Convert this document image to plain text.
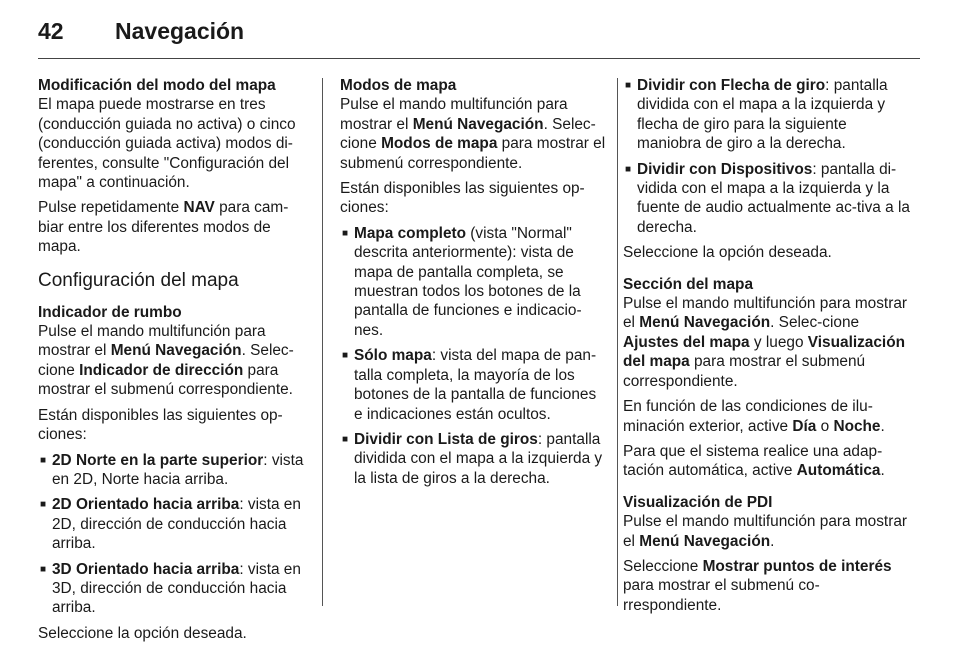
42 Navegación
Modificación del modo del mapa

El mapa puede mostrarse en tres (conducción guiada no activa) o cinco (conducción guiada activa) modos di-ferentes, consulte "Configuración del mapa" a continuación.

Pulse repetidamente NAV para cam-biar entre los diferentes modos de mapa.

Configuración del mapa
Indicador de rumbo

Pulse el mando multifunción para mostrar el Menú Navegación. Selec-cione Indicador de dirección para mostrar el submenú correspondiente.

Están disponibles las siguientes op-ciones:

■ 2D Norte en la parte superior: vista en 2D, Norte hacia arriba.
■ 2D Orientado hacia arriba: vista en 2D, dirección de conducción hacia arriba.
■ 3D Orientado hacia arriba: vista en 3D, dirección de conducción hacia arriba.

Seleccione la opción deseada.

Modos de mapa

Pulse el mando multifunción para mostrar el Menú Navegación. Selec-cione Modos de mapa para mostrar el submenú correspondiente.

Están disponibles las siguientes op-ciones:

■ Mapa completo (vista "Normal" descrita anteriormente): vista de mapa de pantalla completa, se muestran todos los botones de la pantalla de funciones e indicacio-nes.
■ Sólo mapa: vista del mapa de pan-talla completa, la mayoría de los botones de la pantalla de funciones e indicaciones están ocultos.
■ Dividir con Lista de giros: pantalla dividida con el mapa a la izquierda y la lista de giros a la derecha.
■ Dividir con Flecha de giro: pantalla dividida con el mapa a la izquierda y flecha de giro para la siguiente maniobra de giro a la derecha.
■ Dividir con Dispositivos: pantalla di-vidida con el mapa a la izquierda y la fuente de audio actualmente ac-tiva a la derecha.

Seleccione la opción deseada.

Sección del mapa

Pulse el mando multifunción para mostrar el Menú Navegación. Selec-cione Ajustes del mapa y luego Visualización del mapa para mostrar el submenú correspondiente.

En función de las condiciones de ilu-minación exterior, active Día o Noche.

Para que el sistema realice una adap-tación automática, active Automática.

Visualización de PDI

Pulse el mando multifunción para mostrar el Menú Navegación.

Seleccione Mostrar puntos de interés para mostrar el submenú co-rrespondiente.
